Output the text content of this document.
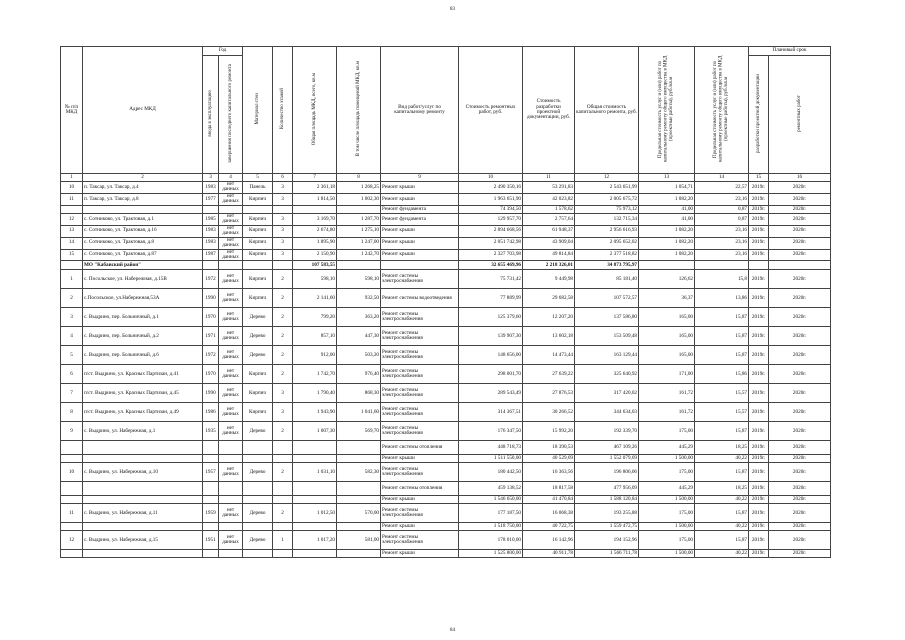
83
№ п/п МКД	Адрес МКД	Год		Материал стен	Количество этажей	Общая площадь МКД, всего, кв.м	В том числе площадь помещений МКД, кв.м	Вид работ/услуг по капитальному ремонту	Стоимость ремонтных работ, руб.	Стоимость разработки проектной документации, руб.	Общая стоимость капитального ремонта, руб.	Предельная стоимость услуг и (или) работ по капитальному ремонту общего имущества в МКД (проектные работы), руб./кв.м	Предельная стоимость услуг и (или) работ по капитальному ремонту общего имущества в МКД (проектные работы), руб./кв.м	Плановый срок	
		ввода в эксплуатацию	завершения последнего капитального ремонта											разработки проектной документации	ремонтных работ
1	2	3	4	5	6	7	8	9	10	11	12	13	14	15	16
10	п. Таксар, ул. Таксар, д.4	1983	нет данных	Панель	3	2 361,18	1 268,25	Ремонт крыши	2 490 350,16	53 291,83	2 543 651,99	1 054,71	22,57	2019г.	2020г.
11	п. Таксар, ул. Таксар, д.8	1977	нет данных	Кирпич	3	1 814,50	1 002,30	Ремонт крыши	1 963 651,90	42 023,82	2 005 675,72	1 082,20	23,16	2019г.	2020г.
								Ремонт фундамента	74 394,50	1 578,62	75 973,12	41,00	0,87	2019г.	2020г.
12	с. Сотниково, ул. Трактовая, д.1	1985	нет данных	Кирпич	3	3 169,70	1 287,70	Ремонт фундамента	129 957,70	2 757,64	132 715,34	41,00	0,87	2019г.	2020г.
13	с. Сотниково, ул. Трактовая, д.16	1983	нет данных	Кирпич	3	2 674,80	1 275,10	Ремонт крыши	2 894 668,56	61 948,37	2 956 616,93	1 082,20	23,16	2019г.	2020г.
14	с. Сотниково, ул. Трактовая, д.8	1983	нет данных	Кирпич	3	1 895,90	1 247,00	Ремонт крыши	2 051 742,98	43 909,04	2 095 652,02	1 082,20	23,16	2019г.	2020г.
15	с. Сотниково, ул. Трактовая, д.87	1987	нет данных	Кирпич	3	2 150,90	1 242,70	Ремонт крыши	2 327 703,98	49 814,84	2 377 518,82	1 082,20	23,16	2019г.	2020г.
	МО "Кабанский район"					107 583,55			32 655 469,96	2 218 326,01	34 873 795,97				
1	с. Посольское, ул. Набережная, д.15В	1972	нет данных	Кирпич	2	598,10	598,10	Ремонт системы электроснабжения	75 731,42	9 449,98	85 181,40	126,62	15,8	2019г.	2020г.
2	с.Посольское, ул.Набережная,53А	1990	нет данных	Кирпич	2	2 141,60	932,50	Ремонт системы водоотведения	77 889,99	29 682,58	107 572,57	36,37	13,86	2019г.	2020г.
3	с. Выдрино, пер. Больничный, д.1	1970	нет данных	Дерево	2	799,20	363,20	Ремонт системы электроснабжения	125 379,60	12 207,20	137 586,80	165,00	15,87	2019г.	2020г.
4	с. Выдрино, пер. Больничный, д.2	1971	нет данных	Дерево	2	857,10	447,30	Ремонт системы электроснабжения	139 907,30	13 602,18	153 509,48	165,00	15,87	2019г.	2020г.
5	с. Выдрино, пер. Больничный, д.6	1972	нет данных	Дерево	2	912,00	503,20	Ремонт системы электроснабжения	148 656,00	14 473,44	163 129,44	165,00	15,87	2019г.	2020г.
6	п/ст. Выдрино, ул. Красных Партизан, д.41	1970	нет данных	Кирпич	2	1 742,70	976,40	Ремонт системы электроснабжения	298 001,70	27 639,22	325 640,92	171,00	15,86	2019г.	2020г.
7	п/ст. Выдрино, ул. Красных Партизан, д.45	1990	нет данных	Кирпич	3	1 790,40	868,30	Ремонт системы электроснабжения	289 543,49	27 876,53	317 420,02	161,72	15,57	2019г.	2020г.
8	п/ст. Выдрино, ул. Красных Партизан, д.49	1986	нет данных	Кирпич	3	1 943,90	1 041,60	Ремонт системы электроснабжения	314 367,51	30 266,52	344 634,03	161,72	15,57	2019г.	2020г.
9	с. Выдрино, ул. Набережная, д.1	1935	нет данных	Дерево	2	1 007,30	569,70	Ремонт системы электроснабжения	176 347,50	15 992,20	192 339,70	175,00	15,87	2019г.	2020г.
								Ремонт системы отопления	448 718,73	18 390,53	467 109,26	445,29	18,25	2019г.	2020г.
								Ремонт крыши	1 511 550,00	40 529,69	1 552 079,69	1 500,00	40,22	2019г.	2020г.
10	с. Выдрино, ул. Набережная, д.10	1957	нет данных	Дерево	2	1 031,10	582,30	Ремонт системы электроснабжения	180 442,50	16 363,56	196 806,06	175,00	15,87	2019г.	2020г.
								Ремонт системы отопления	459 138,52	18 817,58	477 956,09	445,29	18,25	2019г.	2020г.
								Ремонт крыши	1 546 650,00	41 470,84	1 588 120,84	1 500,00	40,22	2019г.	2020г.
11	с. Выдрино, ул. Набережная, д.11	1959	нет данных	Дерево	2	1 012,50	570,00	Ремонт системы электроснабжения	177 187,50	16 068,38	193 255,88	175,00	15,87	2019г.	2020г.
								Ремонт крыши	1 518 750,00	40 722,75	1 559 472,75	1 500,00	40,22	2019г.	2020г.
12	с. Выдрино, ул. Набережная, д.15	1951	нет данных	Дерево	1	1 017,20	581,00	Ремонт системы электроснабжения	178 010,00	16 142,96	194 152,96	175,00	15,87	2019г.	2020г.
								Ремонт крыши	1 525 800,00	40 911,78	1 566 711,78	1 500,00	40,22	2019г.	2020г.
84
